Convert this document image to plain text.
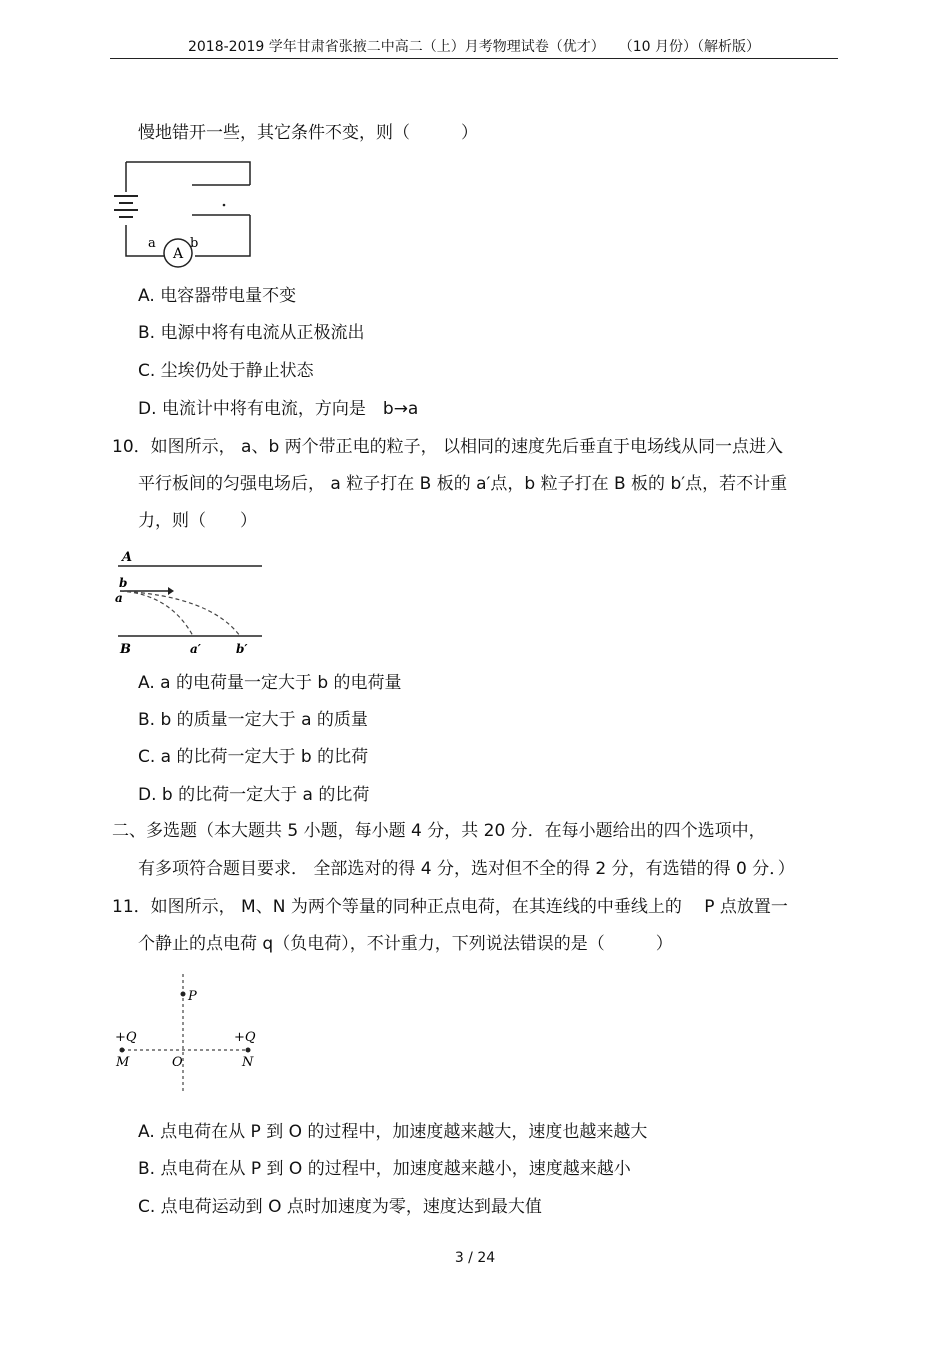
2018-2019 学年甘肃省张掖二中高二（上）月考物理试卷（优才）　　（10 月份）（解析版）
慢地错开一些，其它条件不变，则（　　　）
A
a	b
A. 电容器带电量不变
B. 电源中将有电流从正极流出
C. 尘埃仍处于静止状态
D. 电流计中将有电流，方向是　b→a
10．如图所示， a、b 两个带正电的粒子， 以相同的速度先后垂直于电场线从同一点进入
平行板间的匀强电场后， a 粒子打在 B 板的 a′点，b 粒子打在 B 板的 b′点，若不计重
力，则（　　）
A
B
b
a
a′	b′
A. a 的电荷量一定大于 b 的电荷量
B. b 的质量一定大于 a 的质量
C. a 的比荷一定大于 b 的比荷
D. b 的比荷一定大于 a 的比荷
二、多选题（本大题共 5 小题，每小题 4 分，共 20 分．在每小题给出的四个选项中，
有多项符合题目要求． 全部选对的得 4 分，选对但不全的得 2 分，有选错的得 0 分．）
11．如图所示， M、N 为两个等量的同种正点电荷，在其连线的中垂线上的　 P 点放置一
个静止的点电荷 q（负电荷），不计重力，下列说法错误的是（　　　）
P
+Q	+Q
M	N
O
A. 点电荷在从 P 到 O 的过程中，加速度越来越大，速度也越来越大
B. 点电荷在从 P 到 O 的过程中，加速度越来越小，速度越来越小
C. 点电荷运动到 O 点时加速度为零，速度达到最大值
3 / 24
